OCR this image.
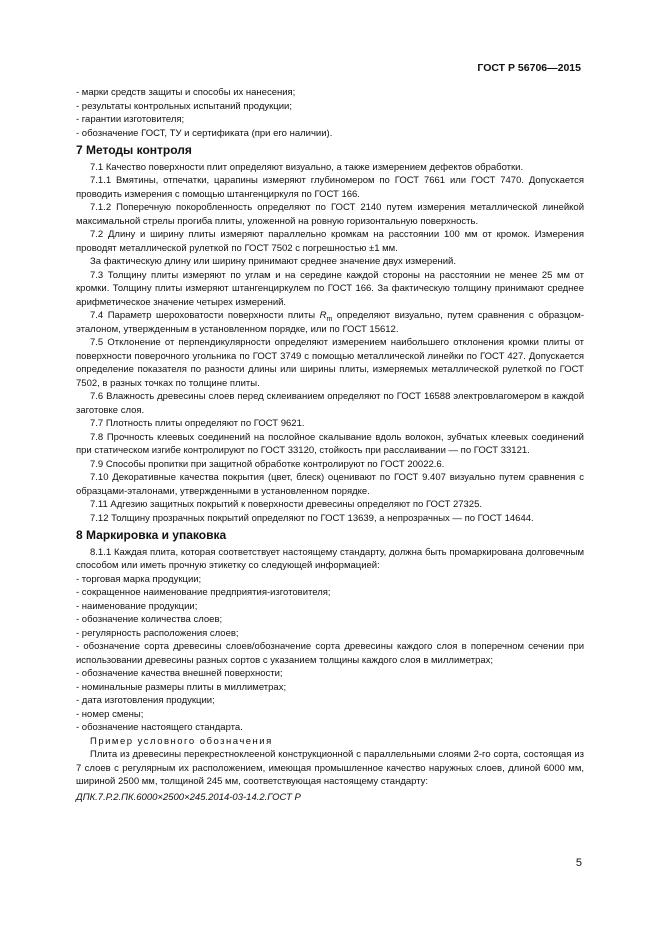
ГОСТ Р 56706—2015

- марки средств защиты и способы их нанесения;

- результаты контрольных испытаний продукции;

- гарантии изготовителя;

- обозначение ГОСТ, ТУ и сертификата (при его наличии).

7 Методы контроля

7.1 Качество поверхности плит определяют визуально, а также измерением дефектов обработки.

7.1.1 Вмятины, отпечатки, царапины измеряют глубиномером по ГОСТ 7661 или ГОСТ 7470. Допускается проводить измерения с помощью штангенциркуля по ГОСТ 166.

7.1.2 Поперечную покоробленность определяют по ГОСТ 2140 путем измерения металлической линейкой максимальной стрелы прогиба плиты, уложенной на ровную горизонтальную поверхность.

7.2 Длину и ширину плиты измеряют параллельно кромкам на расстоянии 100 мм от кромок. Измерения проводят металлической рулеткой по ГОСТ 7502 с погрешностью ±1 мм.

За фактическую длину или ширину принимают среднее значение двух измерений.

7.3 Толщину плиты измеряют по углам и на середине каждой стороны на расстоянии не менее 25 мм от кромки. Толщину плиты измеряют штангенциркулем по ГОСТ 166. За фактическую толщину принимают среднее арифметическое значение четырех измерений.

7.4 Параметр шероховатости поверхности плиты $R_m$ определяют визуально, путем сравнения с образцом-эталоном, утвержденным в установленном порядке, или по ГОСТ 15612.

7.5 Отклонение от перпендикулярности определяют измерением наибольшего отклонения кромки плиты от поверхности поверочного угольника по ГОСТ 3749 с помощью металлической линейки по ГОСТ 427. Допускается определение показателя по разности длины или ширины плиты, измеряемых металлической рулеткой по ГОСТ 7502, в разных точках по толщине плиты.

7.6 Влажность древесины слоев перед склеиванием определяют по ГОСТ 16588 электровлагомером в каждой заготовке слоя.

7.7 Плотность плиты определяют по ГОСТ 9621.

7.8 Прочность клеевых соединений на послойное скалывание вдоль волокон, зубчатых клеевых соединений при статическом изгибе контролируют по ГОСТ 33120, стойкость при расслаивании — по ГОСТ 33121.

7.9 Способы пропитки при защитной обработке контролируют по ГОСТ 20022.6.

7.10 Декоративные качества покрытия (цвет, блеск) оценивают по ГОСТ 9.407 визуально путем сравнения с образцами-эталонами, утвержденными в установленном порядке.

7.11 Адгезию защитных покрытий к поверхности древесины определяют по ГОСТ 27325.

7.12 Толщину прозрачных покрытий определяют по ГОСТ 13639, а непрозрачных — по ГОСТ 14644.

8 Маркировка и упаковка

8.1.1 Каждая плита, которая соответствует настоящему стандарту, должна быть промаркирована долговечным способом или иметь прочную этикетку со следующей информацией:

- торговая марка продукции;

- сокращенное наименование предприятия-изготовителя;

- наименование продукции;

- обозначение количества слоев;

- регулярность расположения слоев;

- обозначение сорта древесины слоев/обозначение сорта древесины каждого слоя в поперечном сечении при использовании древесины разных сортов с указанием толщины каждого слоя в миллиметрах;

- обозначение качества внешней поверхности;

- номинальные размеры плиты в миллиметрах;

- дата изготовления продукции;

- номер смены;

- обозначение настоящего стандарта.

Пример условного обозначения

Плита из древесины перекрестноклееной конструкционной с параллельными слоями 2-го сорта, состоящая из 7 слоев с регулярным их расположением, имеющая промышленное качество наружных слоев, длиной 6000 мм, шириной 2500 мм, толщиной 245 мм, соответствующая настоящему стандарту:

ДПК.7.Р.2.ПК.6000×2500×245.2014-03-14.2.ГОСТ Р

5
